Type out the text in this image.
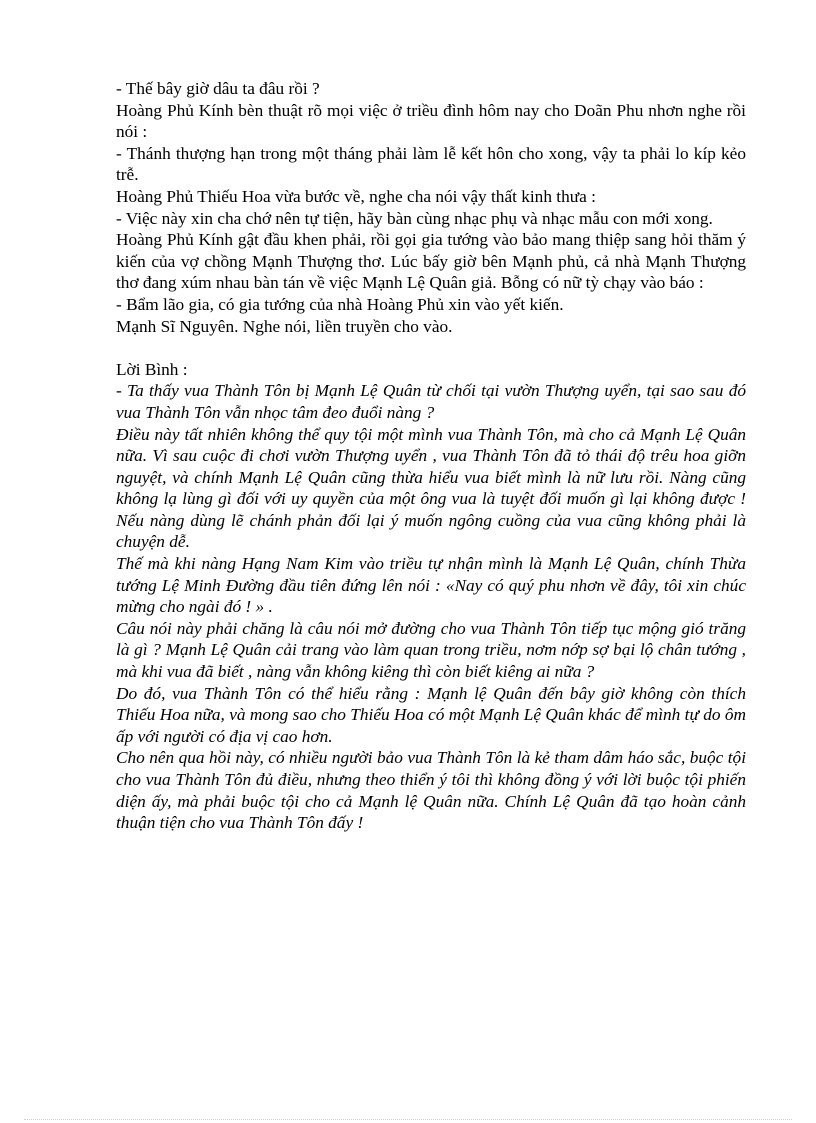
- Thế bây giờ dâu ta đâu rồi ?

Hoàng Phủ Kính bèn thuật rõ mọi việc ở triều đình hôm nay cho Doãn Phu nhơn nghe rồi nói :

- Thánh thượng hạn trong một tháng phải làm lễ kết hôn cho xong, vậy ta phải lo kíp kẻo trễ.

Hoàng Phủ Thiếu Hoa vừa bước về, nghe cha nói vậy thất kinh thưa :

- Việc này xin cha chớ nên tự tiện, hãy bàn cùng nhạc phụ và nhạc mẫu con mới xong.

Hoàng Phủ Kính gật đầu khen phải, rồi gọi gia tướng vào bảo mang thiệp sang hỏi thăm ý kiến của vợ chồng Mạnh Thượng thơ. Lúc bấy giờ bên Mạnh phủ, cả nhà Mạnh Thượng thơ đang xúm nhau bàn tán về việc Mạnh Lệ Quân giả. Bỗng có nữ tỳ chạy vào báo :

- Bẩm lão gia, có gia tướng của nhà Hoàng Phủ xin vào yết kiến.

Mạnh Sĩ Nguyên. Nghe nói, liền truyền cho vào.

Lời Bình :

- Ta thấy vua Thành Tôn bị Mạnh Lệ Quân từ chối tại vườn Thượng uyển, tại sao sau đó vua Thành Tôn vẫn nhọc tâm đeo đuổi nàng ?

Điều này tất nhiên không thể quy tội một mình vua Thành Tôn, mà cho cả Mạnh Lệ Quân nữa. Vì sau cuộc đi chơi vườn Thượng uyển , vua Thành Tôn đã tỏ thái độ trêu hoa giỡn nguyệt, và chính Mạnh Lệ Quân cũng thừa hiểu vua biết mình là nữ lưu rồi. Nàng cũng không lạ lùng gì đối với uy quyền của một ông vua là tuyệt đối muốn gì lại không được ! Nếu nàng dùng lẽ chánh phản đối lại ý muốn ngông cuồng của vua cũng không phải là chuyện dễ.

Thế mà khi nàng Hạng Nam Kim vào triều tự nhận mình là Mạnh Lệ Quân, chính Thừa tướng Lệ Minh Đường đầu tiên đứng lên nói : «Nay có quý phu nhơn về đây, tôi xin chúc mừng cho ngài đó ! » .

Câu nói này phải chăng là câu nói mở đường cho vua Thành Tôn tiếp tục mộng gió trăng là gì ? Mạnh Lệ Quân cải trang vào làm quan trong triều, nơm nớp sợ bại lộ chân tướng , mà khi vua đã biết , nàng vẫn không kiêng thì còn biết kiêng ai nữa ?

Do đó, vua Thành Tôn có thể hiểu rằng : Mạnh lệ Quân đến bây giờ không còn thích Thiếu Hoa nữa, và mong sao cho Thiếu Hoa có một Mạnh Lệ Quân khác để mình tự do ôm ấp với người có địa vị cao hơn.

Cho nên qua hồi này, có nhiều người bảo vua Thành Tôn là kẻ tham dâm háo sắc, buộc tội cho vua Thành Tôn đủ điều, nhưng theo thiển ý tôi thì không đồng ý với lời buộc tội phiến diện ấy, mà phải buộc tội cho cả Mạnh lệ Quân nữa. Chính Lệ Quân đã tạo hoàn cảnh thuận tiện cho vua Thành Tôn đấy !
